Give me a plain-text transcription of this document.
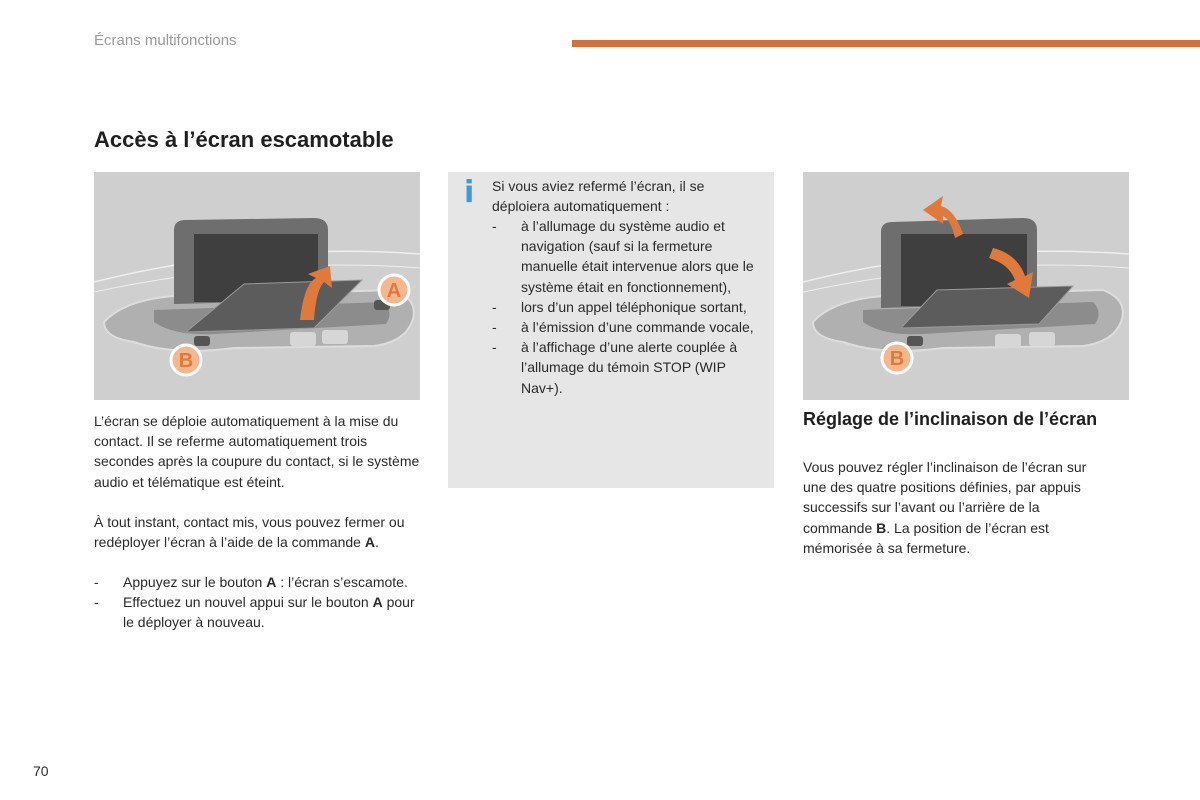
Écrans multifonctions
Accès à l’écran escamotable
A
B	B

L’écran se déploie automatiquement à la mise du contact. Il se referme automatiquement trois secondes après la coupure du contact, si le système audio et télématique est éteint.

À tout instant, contact mis, vous pouvez fermer ou redéployer l’écran à l’aide de la commande A.

-	Appuyez sur le bouton A : l’écran s’escamote.
-	Effectuez un nouvel appui sur le bouton A pour le déployer à nouveau.
i Si vous aviez refermé l’écran, il se déploiera automatiquement :

-	à l’allumage du système audio et navigation (sauf si la fermeture manuelle était intervenue alors que le système était en fonctionnement),
-	lors d’un appel téléphonique sortant,
-	à l’émission d’une commande vocale,
-	à l’affichage d’une alerte couplée à l’allumage du témoin STOP (WIP Nav+).
Réglage de l’inclinaison de l’écran

Vous pouvez régler l’inclinaison de l’écran sur une des quatre positions définies, par appuis successifs sur l’avant ou l’arrière de la commande B. La position de l’écran est mémorisée à sa fermeture.

70
